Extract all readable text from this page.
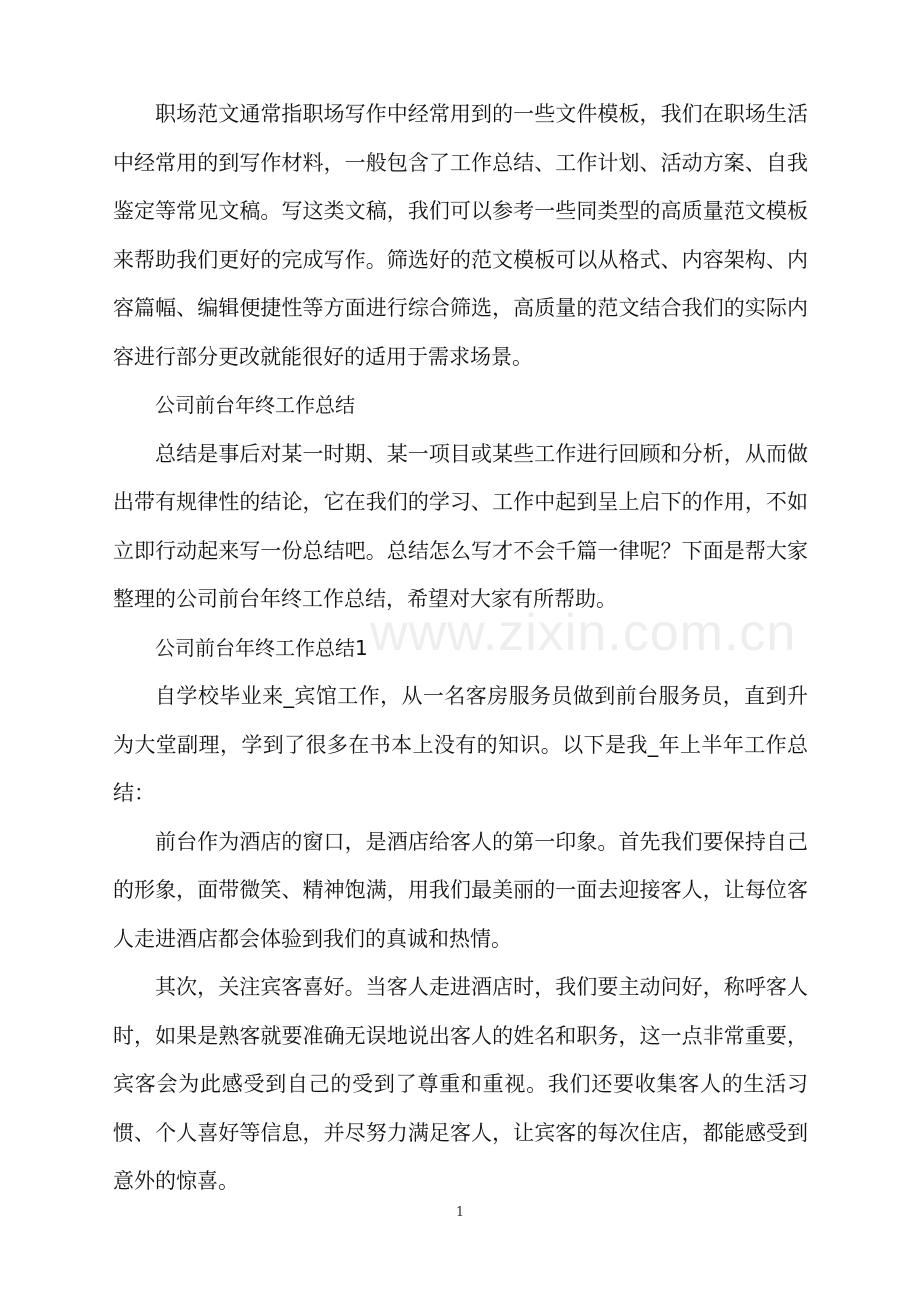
职场范文通常指职场写作中经常用到的一些文件模板，我们在职场生活中经常用的到写作材料，一般包含了工作总结、工作计划、活动方案、自我鉴定等常见文稿。写这类文稿，我们可以参考一些同类型的高质量范文模板来帮助我们更好的完成写作。筛选好的范文模板可以从格式、内容架构、内容篇幅、编辑便捷性等方面进行综合筛选，高质量的范文结合我们的实际内容进行部分更改就能很好的适用于需求场景。

公司前台年终工作总结

总结是事后对某一时期、某一项目或某些工作进行回顾和分析，从而做出带有规律性的结论，它在我们的学习、工作中起到呈上启下的作用，不如立即行动起来写一份总结吧。总结怎么写才不会千篇一律呢？下面是帮大家整理的公司前台年终工作总结，希望对大家有所帮助。

公司前台年终工作总结1

自学校毕业来_宾馆工作，从一名客房服务员做到前台服务员，直到升为大堂副理，学到了很多在书本上没有的知识。以下是我_年上半年工作总结：

前台作为酒店的窗口，是酒店给客人的第一印象。首先我们要保持自己的形象，面带微笑、精神饱满，用我们最美丽的一面去迎接客人，让每位客人走进酒店都会体验到我们的真诚和热情。

其次，关注宾客喜好。当客人走进酒店时，我们要主动问好，称呼客人时，如果是熟客就要准确无误地说出客人的姓名和职务，这一点非常重要，宾客会为此感受到自己的受到了尊重和重视。我们还要收集客人的生活习惯、个人喜好等信息，并尽努力满足客人，让宾客的每次住店，都能感受到意外的惊喜。

www.zixin.com.cn
1
